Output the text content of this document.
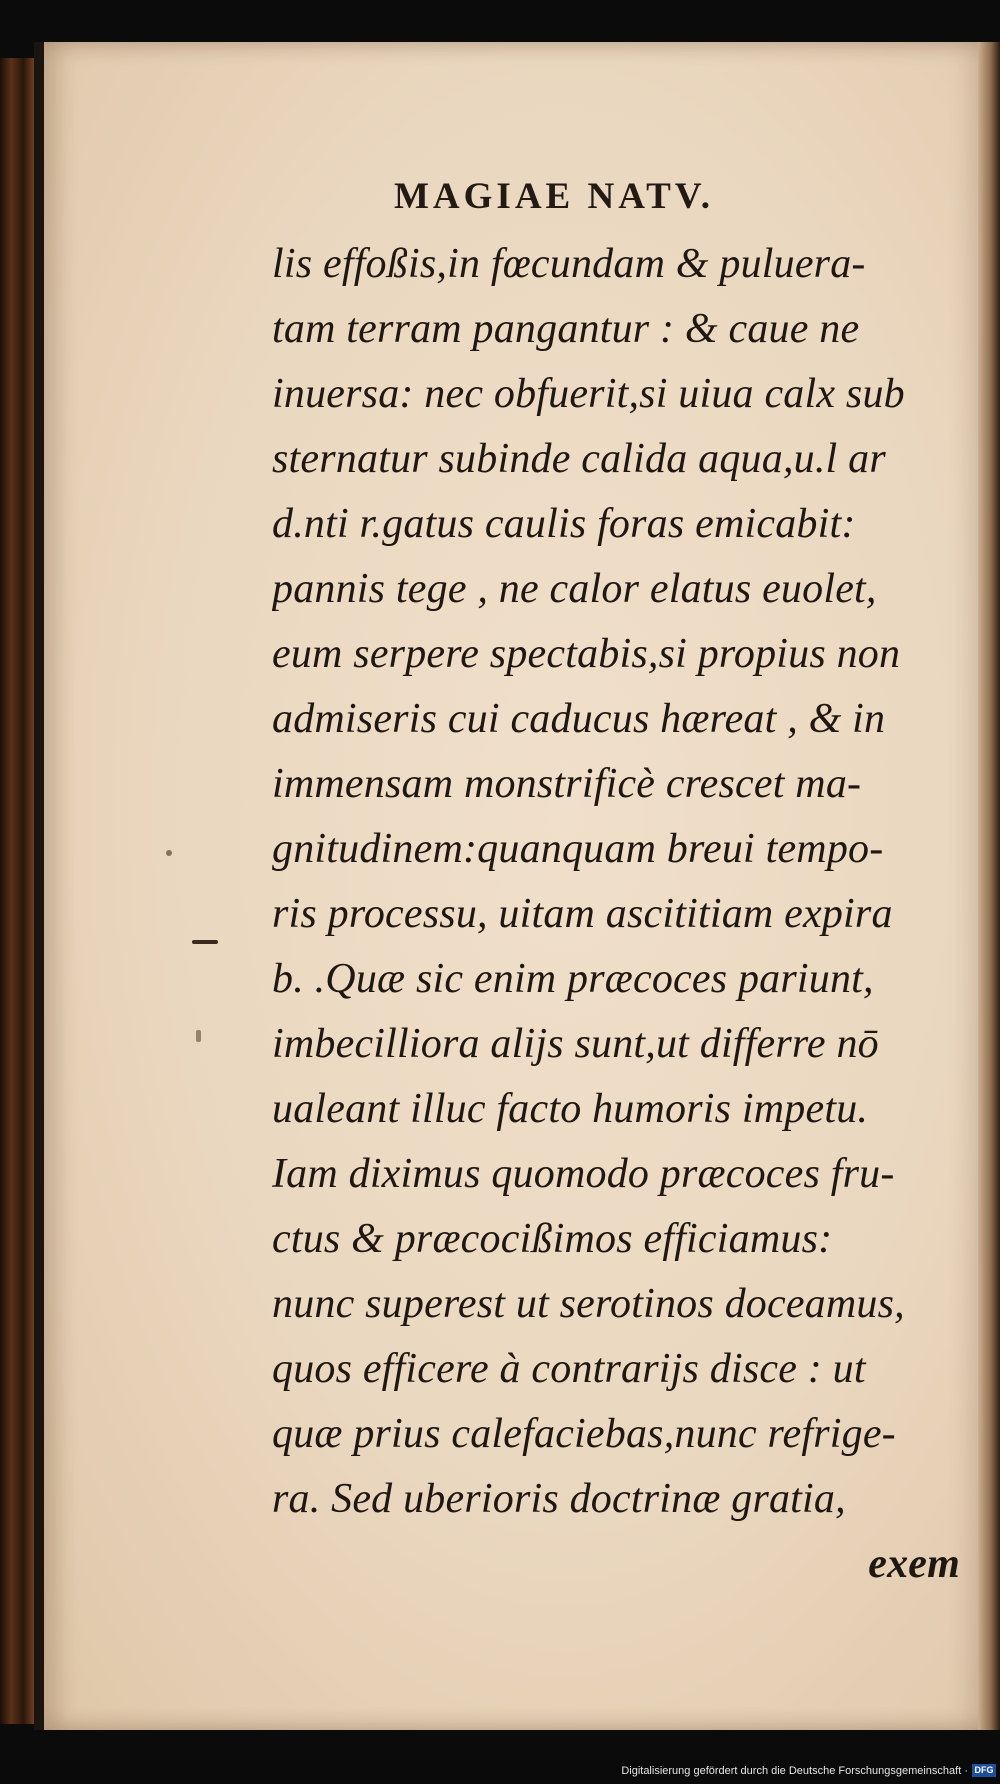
MAGIAE NATV.
lis effoßis,in fœcundam & puluera-
tam terram pangantur : & caue ne
inuersa: nec obfuerit,si uiua calx sub
sternatur subinde calida aqua,u.l ar
d.nti r.gatus caulis foras emicabit:
pannis tege , ne calor elatus euolet,
eum serpere spectabis,si propius non
admiseris cui caducus hæreat , & in
immensam monstrificè crescet ma-
gnitudinem:quanquam breui tempo-
ris processu, uitam ascititiam expira
b. .Quæ sic enim præcoces pariunt,
imbecilliora alijs sunt,ut differre nō
ualeant illuc facto humoris impetu.
Iam diximus quomodo præcoces fru-
ctus & præcocißimos efficiamus:
nunc superest ut serotinos doceamus,
quos efficere à contrarijs disce : ut
quæ prius calefaciebas,nunc refrige-
ra. Sed uberioris doctrinæ gratia,
exem
Digitalisierung gefördert durch die Deutsche Forschungsgemeinschaft · DFG
